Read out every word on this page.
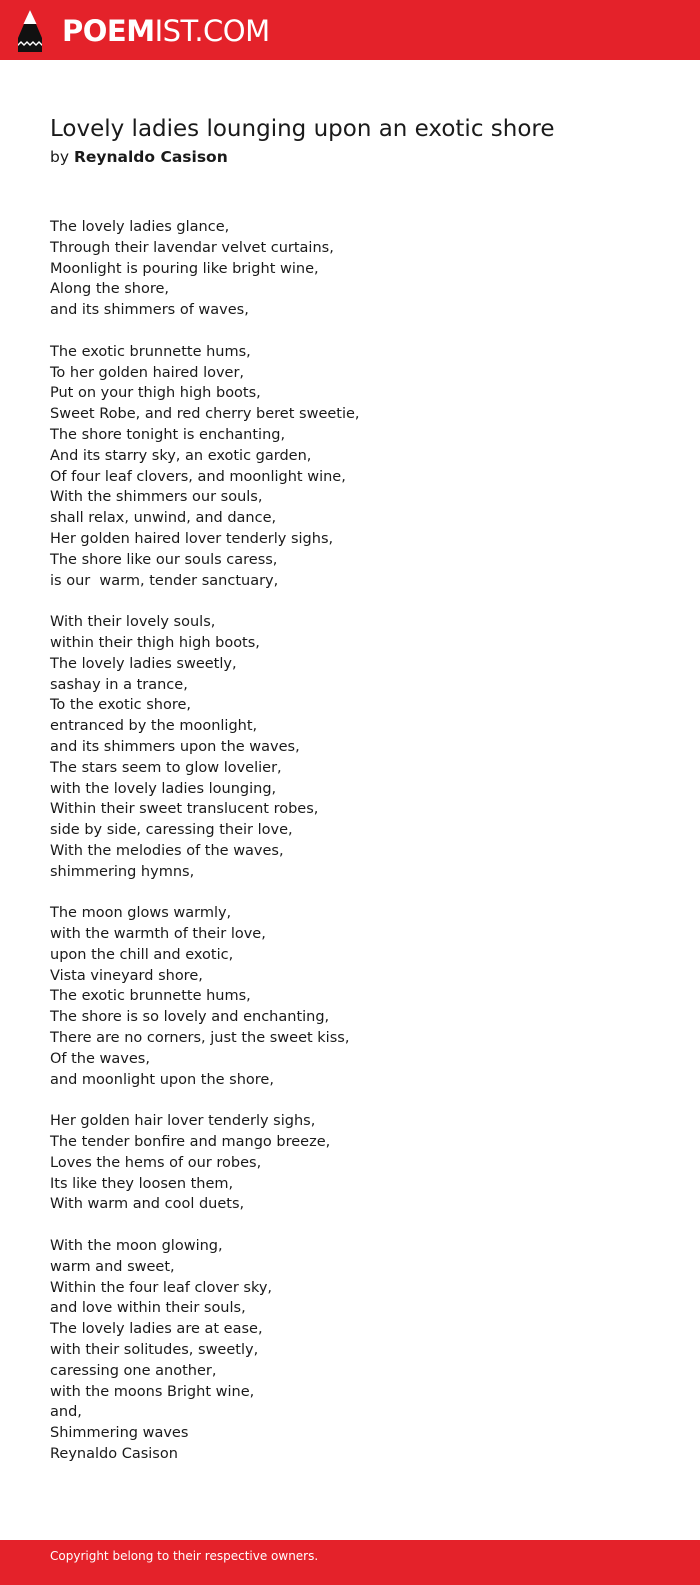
POEMIST.COM
Lovely ladies lounging upon an exotic shore
by Reynaldo Casison
The lovely ladies glance,
Through their lavendar velvet curtains,
Moonlight is pouring like bright wine,
Along the shore,
and its shimmers of waves,
The exotic brunnette hums,
To her golden haired lover,
Put on your thigh high boots,
Sweet Robe, and red cherry beret sweetie,
The shore tonight is enchanting,
And its starry sky, an exotic garden,
Of four leaf clovers, and moonlight wine,
With the shimmers our souls,
shall relax, unwind, and dance,
Her golden haired lover tenderly sighs,
The shore like our souls caress,
is our  warm, tender sanctuary,
With their lovely souls,
within their thigh high boots,
The lovely ladies sweetly,
sashay in a trance,
To the exotic shore,
entranced by the moonlight,
and its shimmers upon the waves,
The stars seem to glow lovelier,
with the lovely ladies lounging,
Within their sweet translucent robes,
side by side, caressing their love,
With the melodies of the waves,
shimmering hymns,
The moon glows warmly,
with the warmth of their love,
upon the chill and exotic,
Vista vineyard shore,
The exotic brunnette hums,
The shore is so lovely and enchanting,
There are no corners, just the sweet kiss,
Of the waves,
and moonlight upon the shore,
Her golden hair lover tenderly sighs,
The tender bonfire and mango breeze,
Loves the hems of our robes,
Its like they loosen them,
With warm and cool duets,
With the moon glowing,
warm and sweet,
Within the four leaf clover sky,
and love within their souls,
The lovely ladies are at ease,
with their solitudes, sweetly,
caressing one another,
with the moons Bright wine,
and,
Shimmering waves
Reynaldo Casison
Copyright belong to their respective owners.
